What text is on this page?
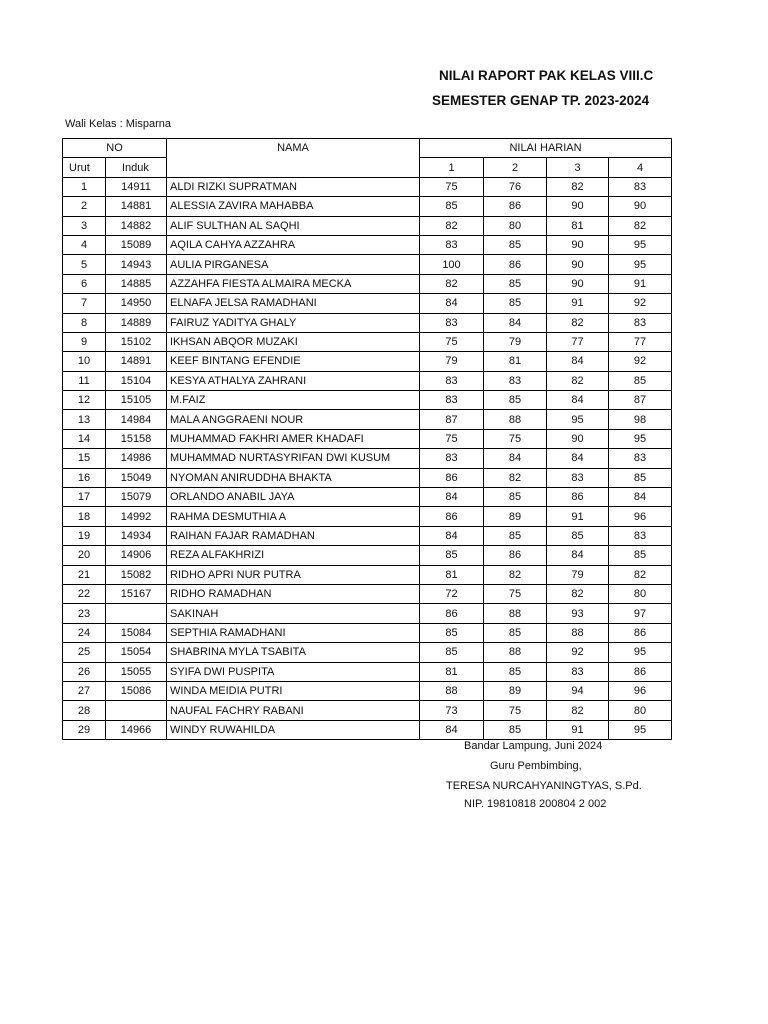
NILAI RAPORT PAK KELAS VIII.C
SEMESTER GENAP TP. 2023-2024
Wali Kelas : Misparna
NO		NAMA	NILAI HARIAN			
Urut	Induk		1	2	3	4
1	14911	ALDI RIZKI SUPRATMAN	75	76	82	83
2	14881	ALESSIA ZAVIRA MAHABBA	85	86	90	90
3	14882	ALIF SULTHAN AL SAQHI	82	80	81	82
4	15089	AQILA CAHYA AZZAHRA	83	85	90	95
5	14943	AULIA PIRGANESA	100	86	90	95
6	14885	AZZAHFA FIESTA ALMAIRA MECKA	82	85	90	91
7	14950	ELNAFA JELSA RAMADHANI	84	85	91	92
8	14889	FAIRUZ YADITYA GHALY	83	84	82	83
9	15102	IKHSAN ABQOR MUZAKI	75	79	77	77
10	14891	KEEF BINTANG EFENDIE	79	81	84	92
11	15104	KESYA ATHALYA ZAHRANI	83	83	82	85
12	15105	M.FAIZ	83	85	84	87
13	14984	MALA ANGGRAENI NOUR	87	88	95	98
14	15158	MUHAMMAD FAKHRI AMER KHADAFI	75	75	90	95
15	14986	MUHAMMAD NURTASYRIFAN DWI KUSUM	83	84	84	83
16	15049	NYOMAN ANIRUDDHA BHAKTA	86	82	83	85
17	15079	ORLANDO ANABIL JAYA	84	85	86	84
18	14992	RAHMA DESMUTHIA A	86	89	91	96
19	14934	RAIHAN FAJAR RAMADHAN	84	85	85	83
20	14906	REZA ALFAKHRIZI	85	86	84	85
21	15082	RIDHO APRI NUR PUTRA	81	82	79	82
22	15167	RIDHO RAMADHAN	72	75	82	80
23		SAKINAH	86	88	93	97
24	15084	SEPTHIA RAMADHANI	85	85	88	86
25	15054	SHABRINA MYLA TSABITA	85	88	92	95
26	15055	SYIFA DWI PUSPITA	81	85	83	86
27	15086	WINDA MEIDIA PUTRI	88	89	94	96
28		NAUFAL FACHRY RABANI	73	75	82	80
29	14966	WINDY RUWAHILDA	84	85	91	95
Bandar Lampung, Juni 2024
Guru Pembimbing,
TERESA NURCAHYANINGTYAS, S.Pd.
NIP. 19810818 200804 2 002
